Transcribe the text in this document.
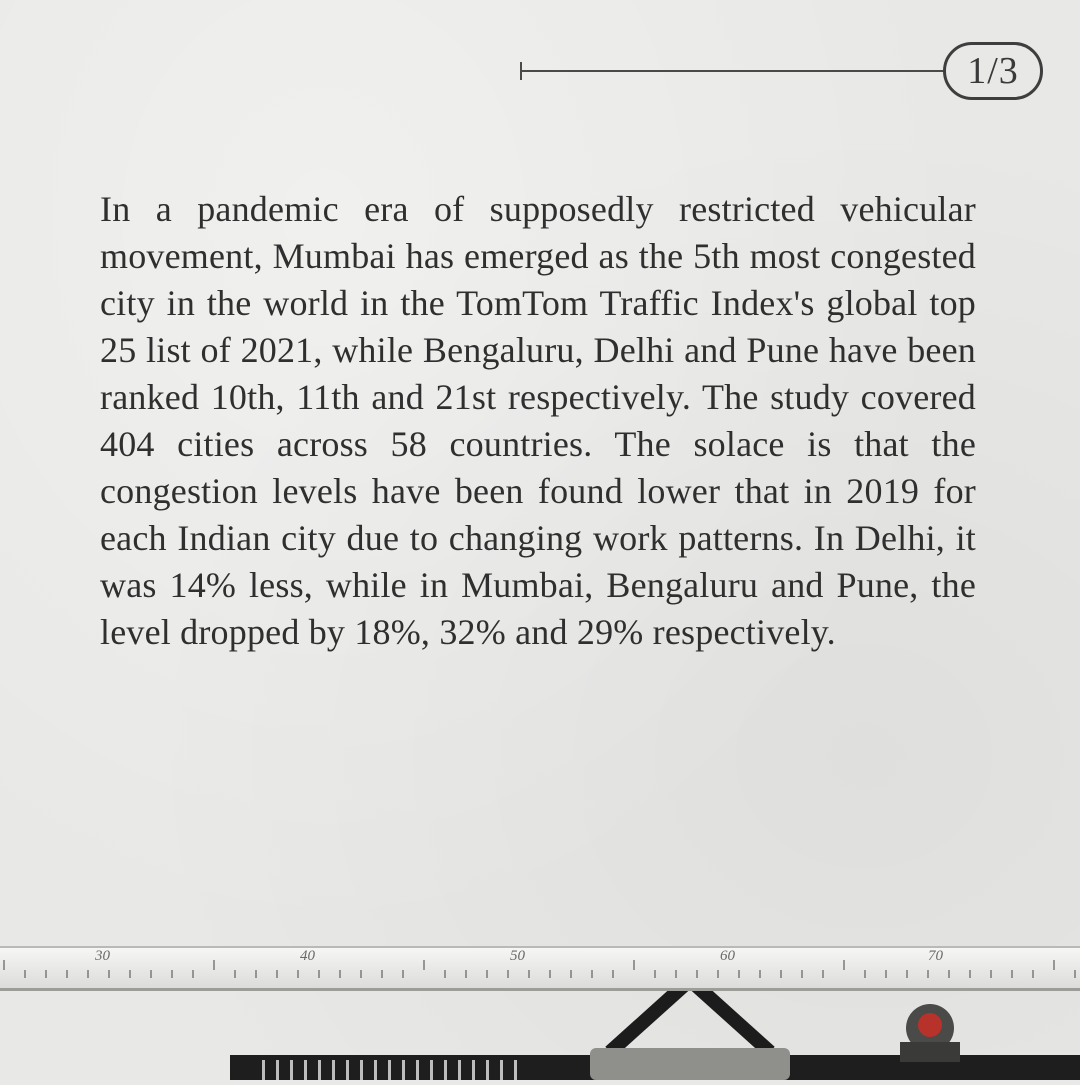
1/3

In a pandemic era of supposedly restricted vehicular movement, Mumbai has emerged as the 5th most congested city in the world in the TomTom Traffic Index's global top 25 list of 2021, while Bengaluru, Delhi and Pune have been ranked 10th, 11th and 21st respectively. The study covered 404 cities across 58 countries. The solace is that the congestion levels have been found lower that in 2019 for each Indian city due to changing work patterns. In Delhi, it was 14% less, while in Mumbai, Bengaluru and Pune, the level dropped by 18%, 32% and 29% respectively.

30	40	50	60	70
